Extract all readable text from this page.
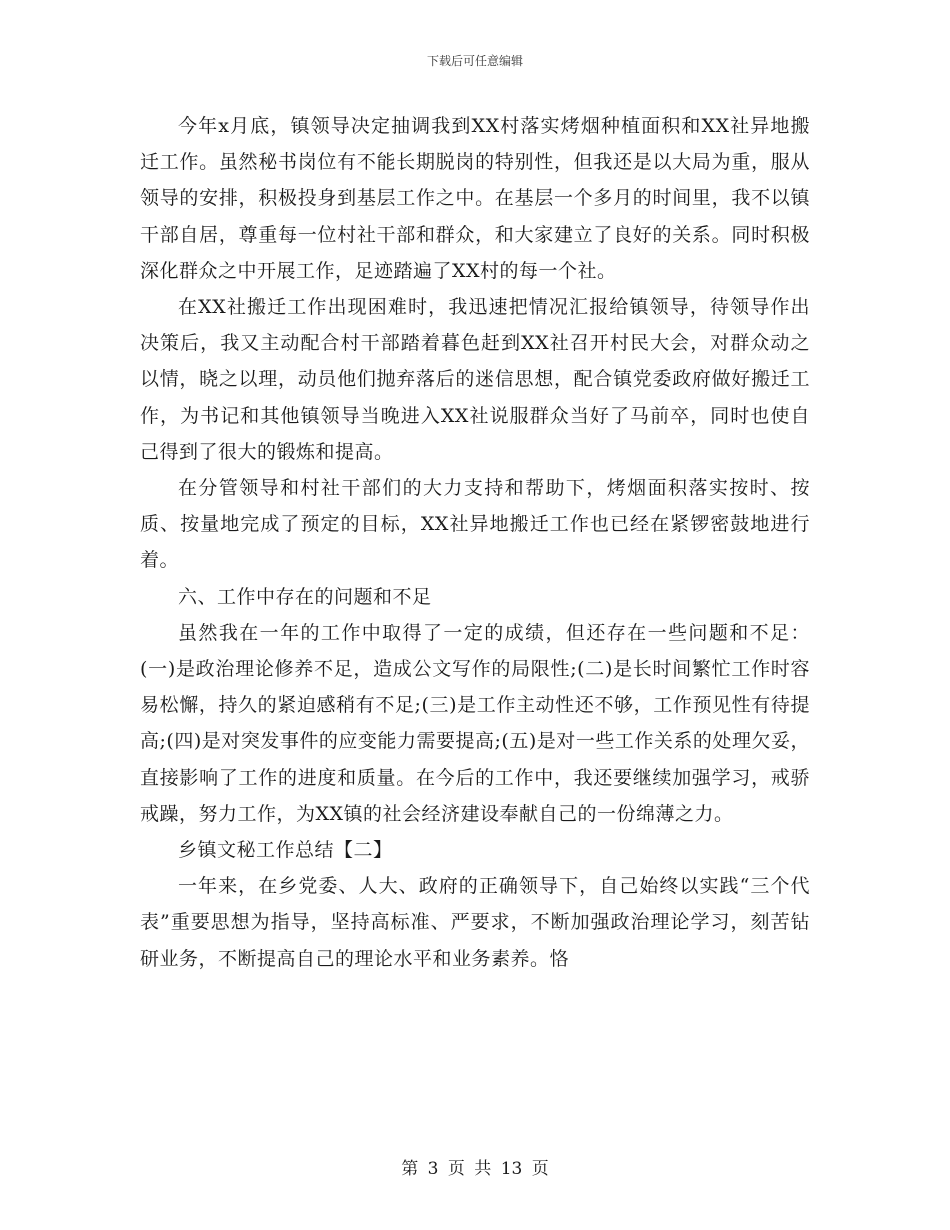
下载后可任意编辑

今年x月底，镇领导决定抽调我到XX村落实烤烟种植面积和XX社异地搬迁工作。虽然秘书岗位有不能长期脱岗的特别性，但我还是以大局为重，服从领导的安排，积极投身到基层工作之中。在基层一个多月的时间里，我不以镇干部自居，尊重每一位村社干部和群众，和大家建立了良好的关系。同时积极深化群众之中开展工作，足迹踏遍了XX村的每一个社。

在XX社搬迁工作出现困难时，我迅速把情况汇报给镇领导，待领导作出决策后，我又主动配合村干部踏着暮色赶到XX社召开村民大会，对群众动之以情，晓之以理，动员他们抛弃落后的迷信思想，配合镇党委政府做好搬迁工作，为书记和其他镇领导当晚进入XX社说服群众当好了马前卒，同时也使自己得到了很大的锻炼和提高。

在分管领导和村社干部们的大力支持和帮助下，烤烟面积落实按时、按质、按量地完成了预定的目标，XX社异地搬迁工作也已经在紧锣密鼓地进行着。

六、工作中存在的问题和不足

虽然我在一年的工作中取得了一定的成绩，但还存在一些问题和不足：(一)是政治理论修养不足，造成公文写作的局限性;(二)是长时间繁忙工作时容易松懈，持久的紧迫感稍有不足;(三)是工作主动性还不够，工作预见性有待提高;(四)是对突发事件的应变能力需要提高;(五)是对一些工作关系的处理欠妥，直接影响了工作的进度和质量。在今后的工作中，我还要继续加强学习，戒骄戒躁，努力工作，为XX镇的社会经济建设奉献自己的一份绵薄之力。

乡镇文秘工作总结【二】

一年来，在乡党委、人大、政府的正确领导下，自己始终以实践“三个代表”重要思想为指导，坚持高标准、严要求，不断加强政治理论学习，刻苦钻研业务，不断提高自己的理论水平和业务素养。恪

第 3 页 共 13 页
